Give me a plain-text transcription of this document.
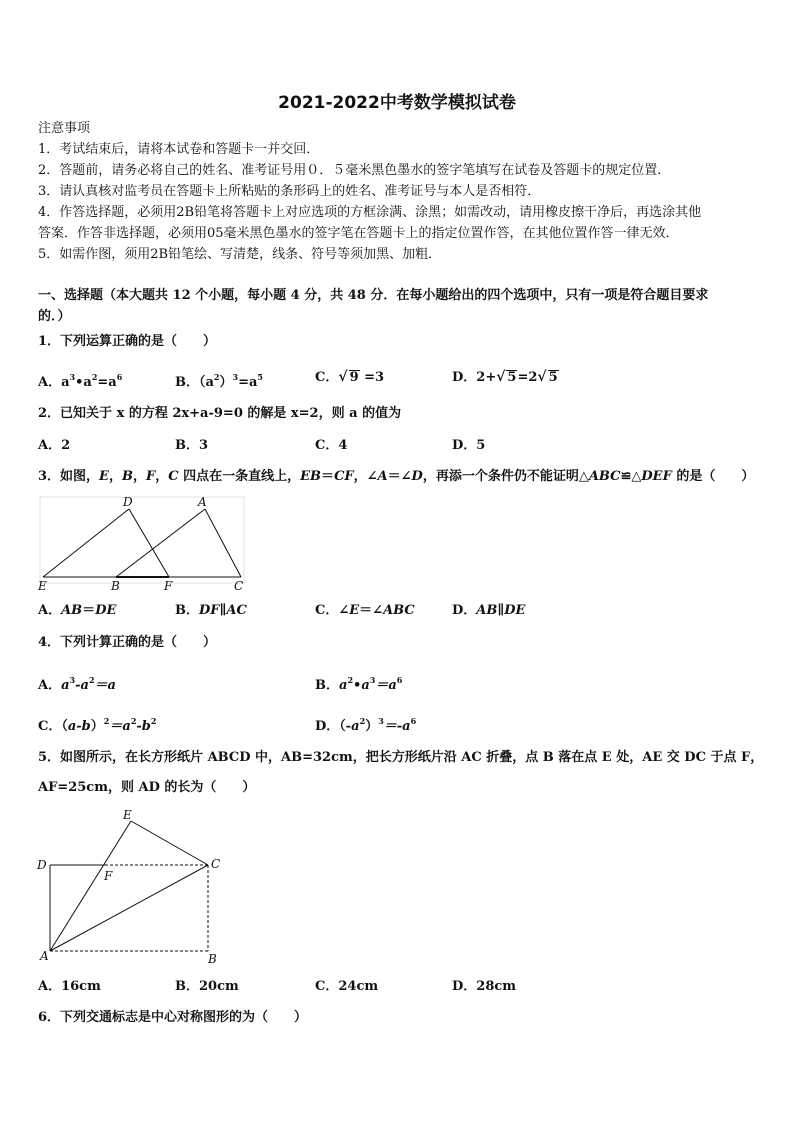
2021-2022中考数学模拟试卷
注意事项
1．考试结束后，请将本试卷和答题卡一并交回．
2．答题前，请务必将自己的姓名、准考证号用０．５毫米黑色墨水的签字笔填写在试卷及答题卡的规定位置．
3．请认真核对监考员在答题卡上所粘贴的条形码上的姓名、准考证号与本人是否相符．
4．作答选择题，必须用2B铅笔将答题卡上对应选项的方框涂满、涂黑；如需改动，请用橡皮擦干净后，再选涂其他
答案．作答非选择题，必须用05毫米黑色墨水的签字笔在答题卡上的指定位置作答，在其他位置作答一律无效．
5．如需作图，须用2B铅笔绘、写清楚，线条、符号等须加黑、加粗．
一、选择题（本大题共 12 个小题，每小题 4 分，共 48 分．在每小题给出的四个选项中，只有一项是符合题目要求
的．）
1．下列运算正确的是（　　）
A．$a^3•a^2=a^6$	B．$(a^2)^3=a^5$	C．√ 9 =3	D．2+√ 5=2√ 5
2．已知关于 x 的方程 2x+a-9=0 的解是 x=2，则 a 的值为
A．2	B．3	C．4	D．5
3．如图，E，B，F，C 四点在一条直线上，EB＝CF，∠A＝∠D，再添一个条件仍不能证明△ABC≌△DEF 的是（　　）
D	A
E	B	F	C
A．AB＝DE	B．DF∥AC	C．∠E＝∠ABC	D．AB∥DE
4．下列计算正确的是（　　）
A．$a^3-a^2=a$	B．$a^2•a^3=a^6$
C．$(a-b)^2=a^2-b^2$	D．$(-a^2)^3=-a^6$
5．如图所示，在长方形纸片 ABCD 中，AB=32cm，把长方形纸片沿 AC 折叠，点 B 落在点 E 处，AE 交 DC 于点 F，
AF=25cm，则 AD 的长为（　　）
E
D
F
C
A	B
A．16cm	B．20cm	C．24cm	D．28cm
6．下列交通标志是中心对称图形的为（　　）
